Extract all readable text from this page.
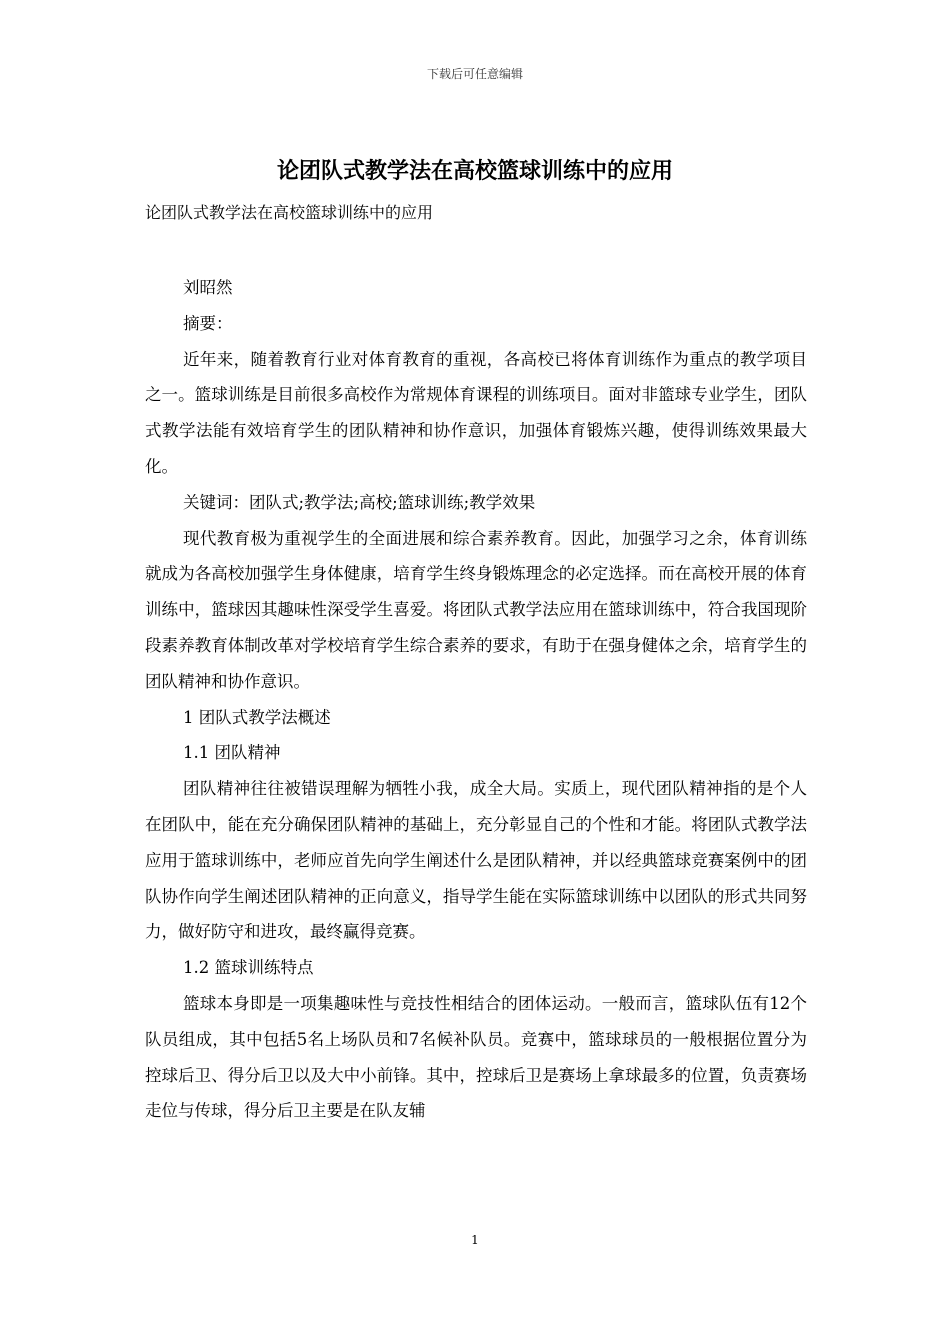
下载后可任意编辑
论团队式教学法在高校篮球训练中的应用
论团队式教学法在高校篮球训练中的应用

刘昭然

摘要：

近年来，随着教育行业对体育教育的重视，各高校已将体育训练作为重点的教学项目之一。篮球训练是目前很多高校作为常规体育课程的训练项目。面对非篮球专业学生，团队式教学法能有效培育学生的团队精神和协作意识，加强体育锻炼兴趣，使得训练效果最大化。

关键词：团队式;教学法;高校;篮球训练;教学效果

现代教育极为重视学生的全面进展和综合素养教育。因此，加强学习之余，体育训练就成为各高校加强学生身体健康，培育学生终身锻炼理念的必定选择。而在高校开展的体育训练中，篮球因其趣味性深受学生喜爱。将团队式教学法应用在篮球训练中，符合我国现阶段素养教育体制改革对学校培育学生综合素养的要求，有助于在强身健体之余，培育学生的团队精神和协作意识。

1 团队式教学法概述

1.1 团队精神

团队精神往往被错误理解为牺牲小我，成全大局。实质上，现代团队精神指的是个人在团队中，能在充分确保团队精神的基础上，充分彰显自己的个性和才能。将团队式教学法应用于篮球训练中，老师应首先向学生阐述什么是团队精神，并以经典篮球竞赛案例中的团队协作向学生阐述团队精神的正向意义，指导学生能在实际篮球训练中以团队的形式共同努力，做好防守和进攻，最终赢得竞赛。

1.2 篮球训练特点

篮球本身即是一项集趣味性与竞技性相结合的团体运动。一般而言，篮球队伍有12个队员组成，其中包括5名上场队员和7名候补队员。竞赛中，篮球球员的一般根据位置分为控球后卫、得分后卫以及大中小前锋。其中，控球后卫是赛场上拿球最多的位置，负责赛场走位与传球，得分后卫主要是在队友辅

1
